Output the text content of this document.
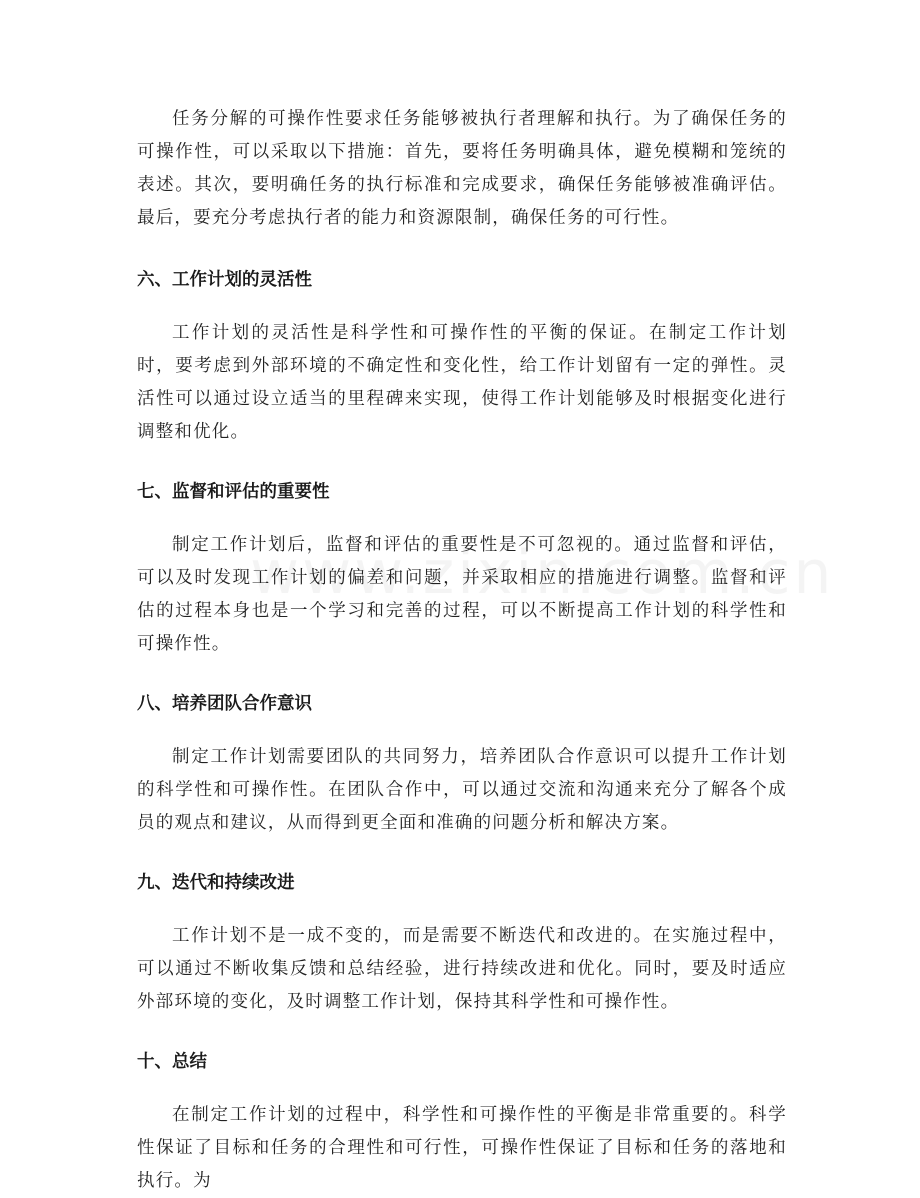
任务分解的可操作性要求任务能够被执行者理解和执行。为了确保任务的可操作性，可以采取以下措施：首先，要将任务明确具体，避免模糊和笼统的表述。其次，要明确任务的执行标准和完成要求，确保任务能够被准确评估。最后，要充分考虑执行者的能力和资源限制，确保任务的可行性。

六、工作计划的灵活性

工作计划的灵活性是科学性和可操作性的平衡的保证。在制定工作计划时，要考虑到外部环境的不确定性和变化性，给工作计划留有一定的弹性。灵活性可以通过设立适当的里程碑来实现，使得工作计划能够及时根据变化进行调整和优化。

七、监督和评估的重要性

制定工作计划后，监督和评估的重要性是不可忽视的。通过监督和评估，可以及时发现工作计划的偏差和问题，并采取相应的措施进行调整。监督和评估的过程本身也是一个学习和完善的过程，可以不断提高工作计划的科学性和可操作性。

八、培养团队合作意识

制定工作计划需要团队的共同努力，培养团队合作意识可以提升工作计划的科学性和可操作性。在团队合作中，可以通过交流和沟通来充分了解各个成员的观点和建议，从而得到更全面和准确的问题分析和解决方案。

九、迭代和持续改进

工作计划不是一成不变的，而是需要不断迭代和改进的。在实施过程中，可以通过不断收集反馈和总结经验，进行持续改进和优化。同时，要及时适应外部环境的变化，及时调整工作计划，保持其科学性和可操作性。

十、总结

在制定工作计划的过程中，科学性和可操作性的平衡是非常重要的。科学性保证了目标和任务的合理性和可行性，可操作性保证了目标和任务的落地和执行。为
